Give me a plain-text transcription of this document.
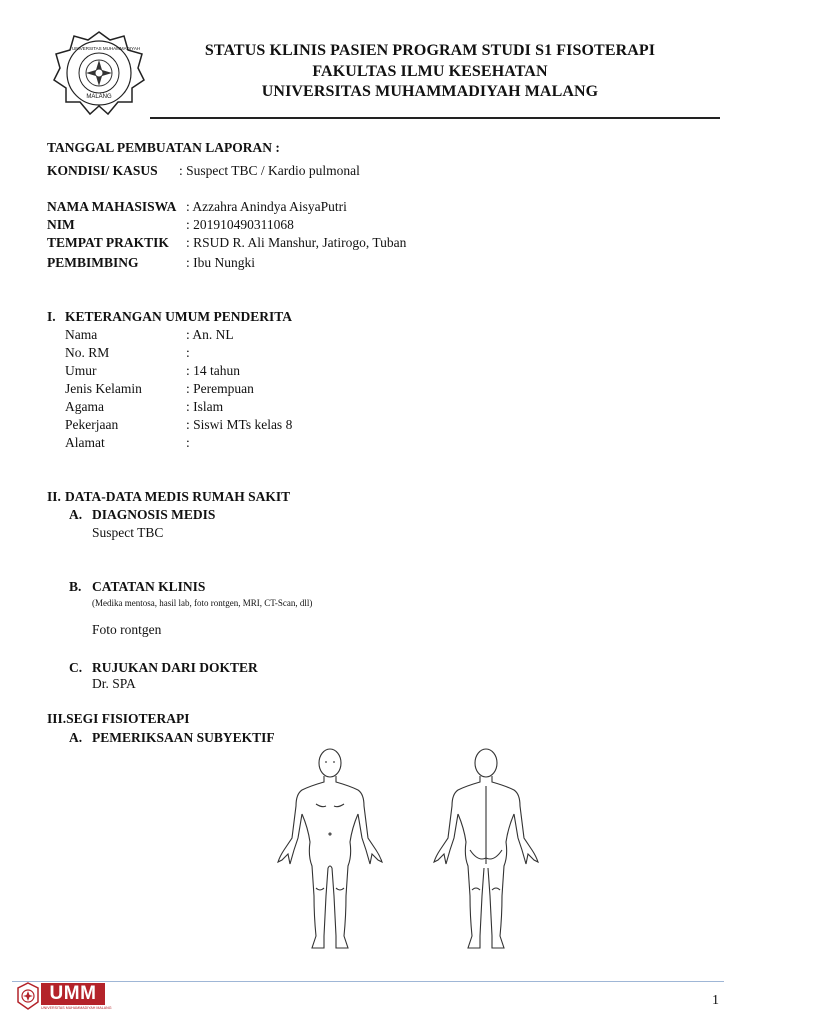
UNIVERSITAS MUHAMMADIYAH
MALANG
STATUS KLINIS PASIEN PROGRAM STUDI S1 FISOTERAPI
FAKULTAS ILMU KESEHATAN
UNIVERSITAS MUHAMMADIYAH MALANG
TANGGAL PEMBUATAN LAPORAN :
KONDISI/ KASUS : Suspect TBC / Kardio pulmonal
NAMA MAHASISWA : Azzahra Anindya AisyaPutri
NIM	: 201910490311068
TEMPAT PRAKTIK : RSUD R. Ali Manshur, Jatirogo, Tuban
PEMBIMBING	: Ibu Nungki
I. KETERANGAN UMUM PENDERITA
Nama	: An. NL
No. RM	:
Umur	: 14 tahun
Jenis Kelamin	: Perempuan
Agama	: Islam
Pekerjaan	: Siswi MTs kelas 8
Alamat	:
II. DATA-DATA MEDIS RUMAH SAKIT
A. DIAGNOSIS MEDIS
Suspect TBC
B. CATATAN KLINIS
(Medika mentosa, hasil lab, foto rontgen, MRI, CT-Scan, dll)
Foto rontgen
C. RUJUKAN DARI DOKTER
Dr. SPA
III.SEGI FISIOTERAPI
A. PEMERIKSAAN SUBYEKTIF
UMM
UNIVERSITAS MUHAMMADIYAH MALANG	1
